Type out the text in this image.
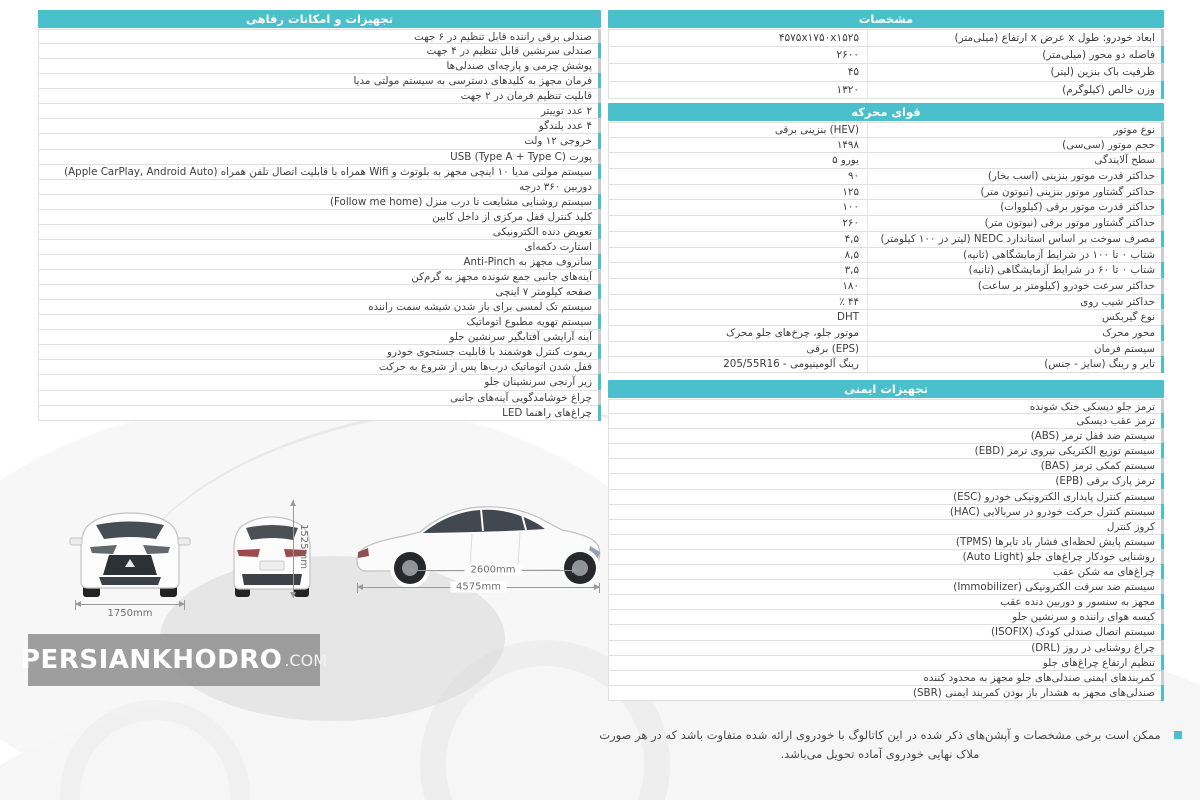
تجهیزات و امکانات رفاهی
صندلی برقی راننده قابل تنظیم در ۶ جهت
صندلی سرنشین قابل تنظیم در ۴ جهت
پوشش چرمی و پارچه‌ای صندلی‌ها
فرمان مجهز به کلیدهای دسترسی به سیستم مولتی مدیا
قابلیت تنظیم فرمان در ۲ جهت
۲ عدد توییتر
۴ عدد بلندگو
خروجی ۱۲ ولت
پورت USB (Type A + Type C)
سیستم مولتی مدیا ۱۰ اینچی مجهز به بلوتوث و Wifi همراه با قابلیت اتصال تلفن همراه (Apple CarPlay, Android Auto)
دوربین ۳۶۰ درجه
سیستم روشنایی مشایعت تا درب منزل (Follow me home)
کلید کنترل قفل مرکزی از داخل کابین
تعویض دنده الکترونیکی
استارت دکمه‌ای
سانروف مجهز به Anti-Pinch
آینه‌های جانبی جمع شونده مجهز به گرم‌کن
صفحه کیلومتر ۷ اینچی
سیستم تک لمسی برای باز شدن شیشه سمت راننده
سیستم تهویه مطبوع اتوماتیک
آینه آرایشی آفتابگیر سرنشین جلو
ریموت کنترل هوشمند با قابلیت جستجوی خودرو
قفل شدن اتوماتیک درب‌ها پس از شروع به حرکت
زیر آرنجی سرنشینان جلو
چراغ خوشامدگویی آینه‌های جانبی
چراغ‌های راهنما LED
مشخصات
۴۵۷۵x۱۷۵۰x۱۵۲۵	ابعاد خودرو: طول x عرض x ارتفاع (میلی‌متر)
۲۶۰۰	فاصله دو محور (میلی‌متر)
۴۵	ظرفیت باک بنزین (لیتر)
۱۳۲۰	وزن خالص (کیلوگرم)
قوای محرکه
بنزینی برقی (HEV)	نوع موتور
۱۴۹۸	حجم موتور (سی‌سی)
یورو ۵	سطح آلایندگی
۹۰	حداکثر قدرت موتور بنزینی (اسب بخار)
۱۲۵	حداکثر گشتاور موتور بنزینی (نیوتون متر)
۱۰۰	حداکثر قدرت موتور برقی (کیلووات)
۲۶۰	حداکثر گشتاور موتور برقی (نیوتون متر)
۴,۵	مصرف سوخت بر اساس استاندارد NEDC (لیتر در ۱۰۰ کیلومتر)
۸,۵	شتاب ۰ تا ۱۰۰ در شرایط آزمایشگاهی (ثانیه)
۳,۵	شتاب ۰ تا ۶۰ در شرایط آزمایشگاهی (ثانیه)
۱۸۰	حداکثر سرعت خودرو (کیلومتر بر ساعت)
٪ ۴۴	حداکثر شیب روی
DHT	نوع گیربکس
موتور جلو، چرخ‌های جلو محرک	محور محرک
برقی (EPS)	سیستم فرمان
205/55R16 - رینگ آلومینیومی	تایر و رینگ (سایز - جنس)
تجهیزات ایمنی
ترمز جلو دیسکی خنک شونده
ترمز عقب دیسکی
سیستم ضد قفل ترمز (ABS)
سیستم توزیع الکتریکی نیروی ترمز (EBD)
سیستم کمکی ترمز (BAS)
ترمز پارک برقی (EPB)
سیستم کنترل پایداری الکترونیکی خودرو (ESC)
سیستم کنترل حرکت خودرو در سربالایی (HAC)
کروز کنترل
سیستم پایش لحظه‌ای فشار باد تایرها (TPMS)
روشنایی خودکار چراغ‌های جلو (Auto Light)
چراغ‌های مه شکن عقب
سیستم ضد سرقت الکترونیکی (Immobilizer)
مجهز به سنسور و دوربین دنده عقب
کیسه هوای راننده و سرنشین جلو
سیستم اتصال صندلی کودک (ISOFIX)
چراغ روشنایی در روز (DRL)
تنظیم ارتفاع چراغ‌های جلو
کمربندهای ایمنی صندلی‌های جلو مجهز به محدود کننده
صندلی‌های مجهز به هشدار باز بودن کمربند ایمنی (SBR)
1750mm
1525mm
2600mm
4575mm
PERSIANKHODRO .COM
ممکن است برخی مشخصات و آپشن‌های ذکر شده در این کاتالوگ با خودروی ارائه شده متفاوت باشد که در هر صورت ملاک نهایی خودروی آماده تحویل می‌باشد.
